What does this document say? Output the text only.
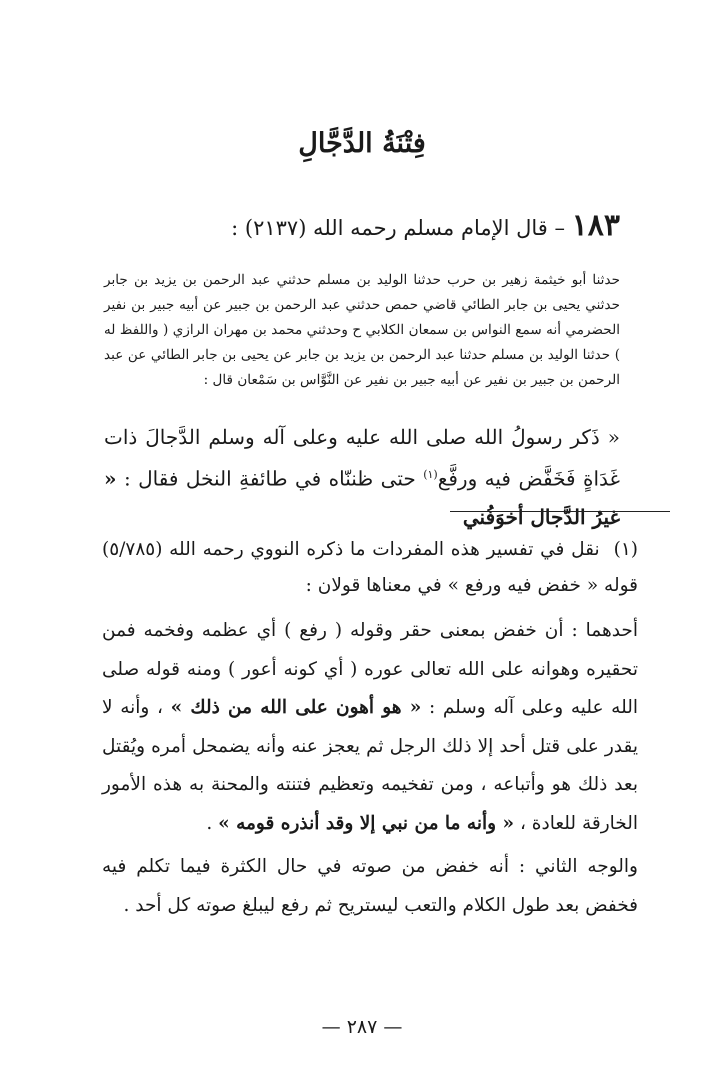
فِتْنَةُ الدَّجَّالِ
١٨٣ – قال الإمام مسلم رحمه الله (٢١٣٧) :

حدثنا أبو خيثمة زهير بن حرب حدثنا الوليد بن مسلم حدثني عبد الرحمن بن يزيد بن جابر حدثني يحيى بن جابر الطائي قاضي حمص حدثني عبد الرحمن بن جبير عن أبيه جبير بن نفير الحضرمي أنه سمع النواس بن سمعان الكلابي ح وحدثني محمد بن مهران الرازي ( واللفظ له ) حدثنا الوليد بن مسلم حدثنا عبد الرحمن بن يزيد بن جابر عن يحيى بن جابر الطائي عن عبد الرحمن بن جبير بن نفير عن أبيه جبير بن نفير عن النَّوَّاس بن سَمْعان قال :

« ذَكر رسولُ الله صلى الله عليه وعلى آله وسلم الدَّجالَ ذات غَدَاةٍ فَخَفَّض فيه ورفَّع$^{(١)}$ حتى ظننّاه في طائفةِ النخل فقال : « غيرُ الدَّجال أخوَفُني
(١)نقل في تفسير هذه المفردات ما ذكره النووي رحمه الله (٥/٧٨٥) قوله « خفض فيه ورفع » في معناها قولان :
أحدهما : أن خفض بمعنى حقر وقوله ( رفع ) أي عظمه وفخمه فمن تحقيره وهوانه على الله تعالى عوره ( أي كونه أعور ) ومنه قوله صلى الله عليه وعلى آله وسلم : « هو أهون على الله من ذلك » ، وأنه لا يقدر على قتل أحد إلا ذلك الرجل ثم يعجز عنه وأنه يضمحل أمره ويُقتل بعد ذلك هو وأتباعه ، ومن تفخيمه وتعظيم فتنته والمحنة به هذه الأمور الخارقة للعادة ، « وأنه ما من نبي إلا وقد أنذره قومه » .
والوجه الثاني : أنه خفض من صوته في حال الكثرة فيما تكلم فيه فخفض بعد طول الكلام والتعب ليستريح ثم رفع ليبلغ صوته كل أحد .
— ٢٨٧ —
